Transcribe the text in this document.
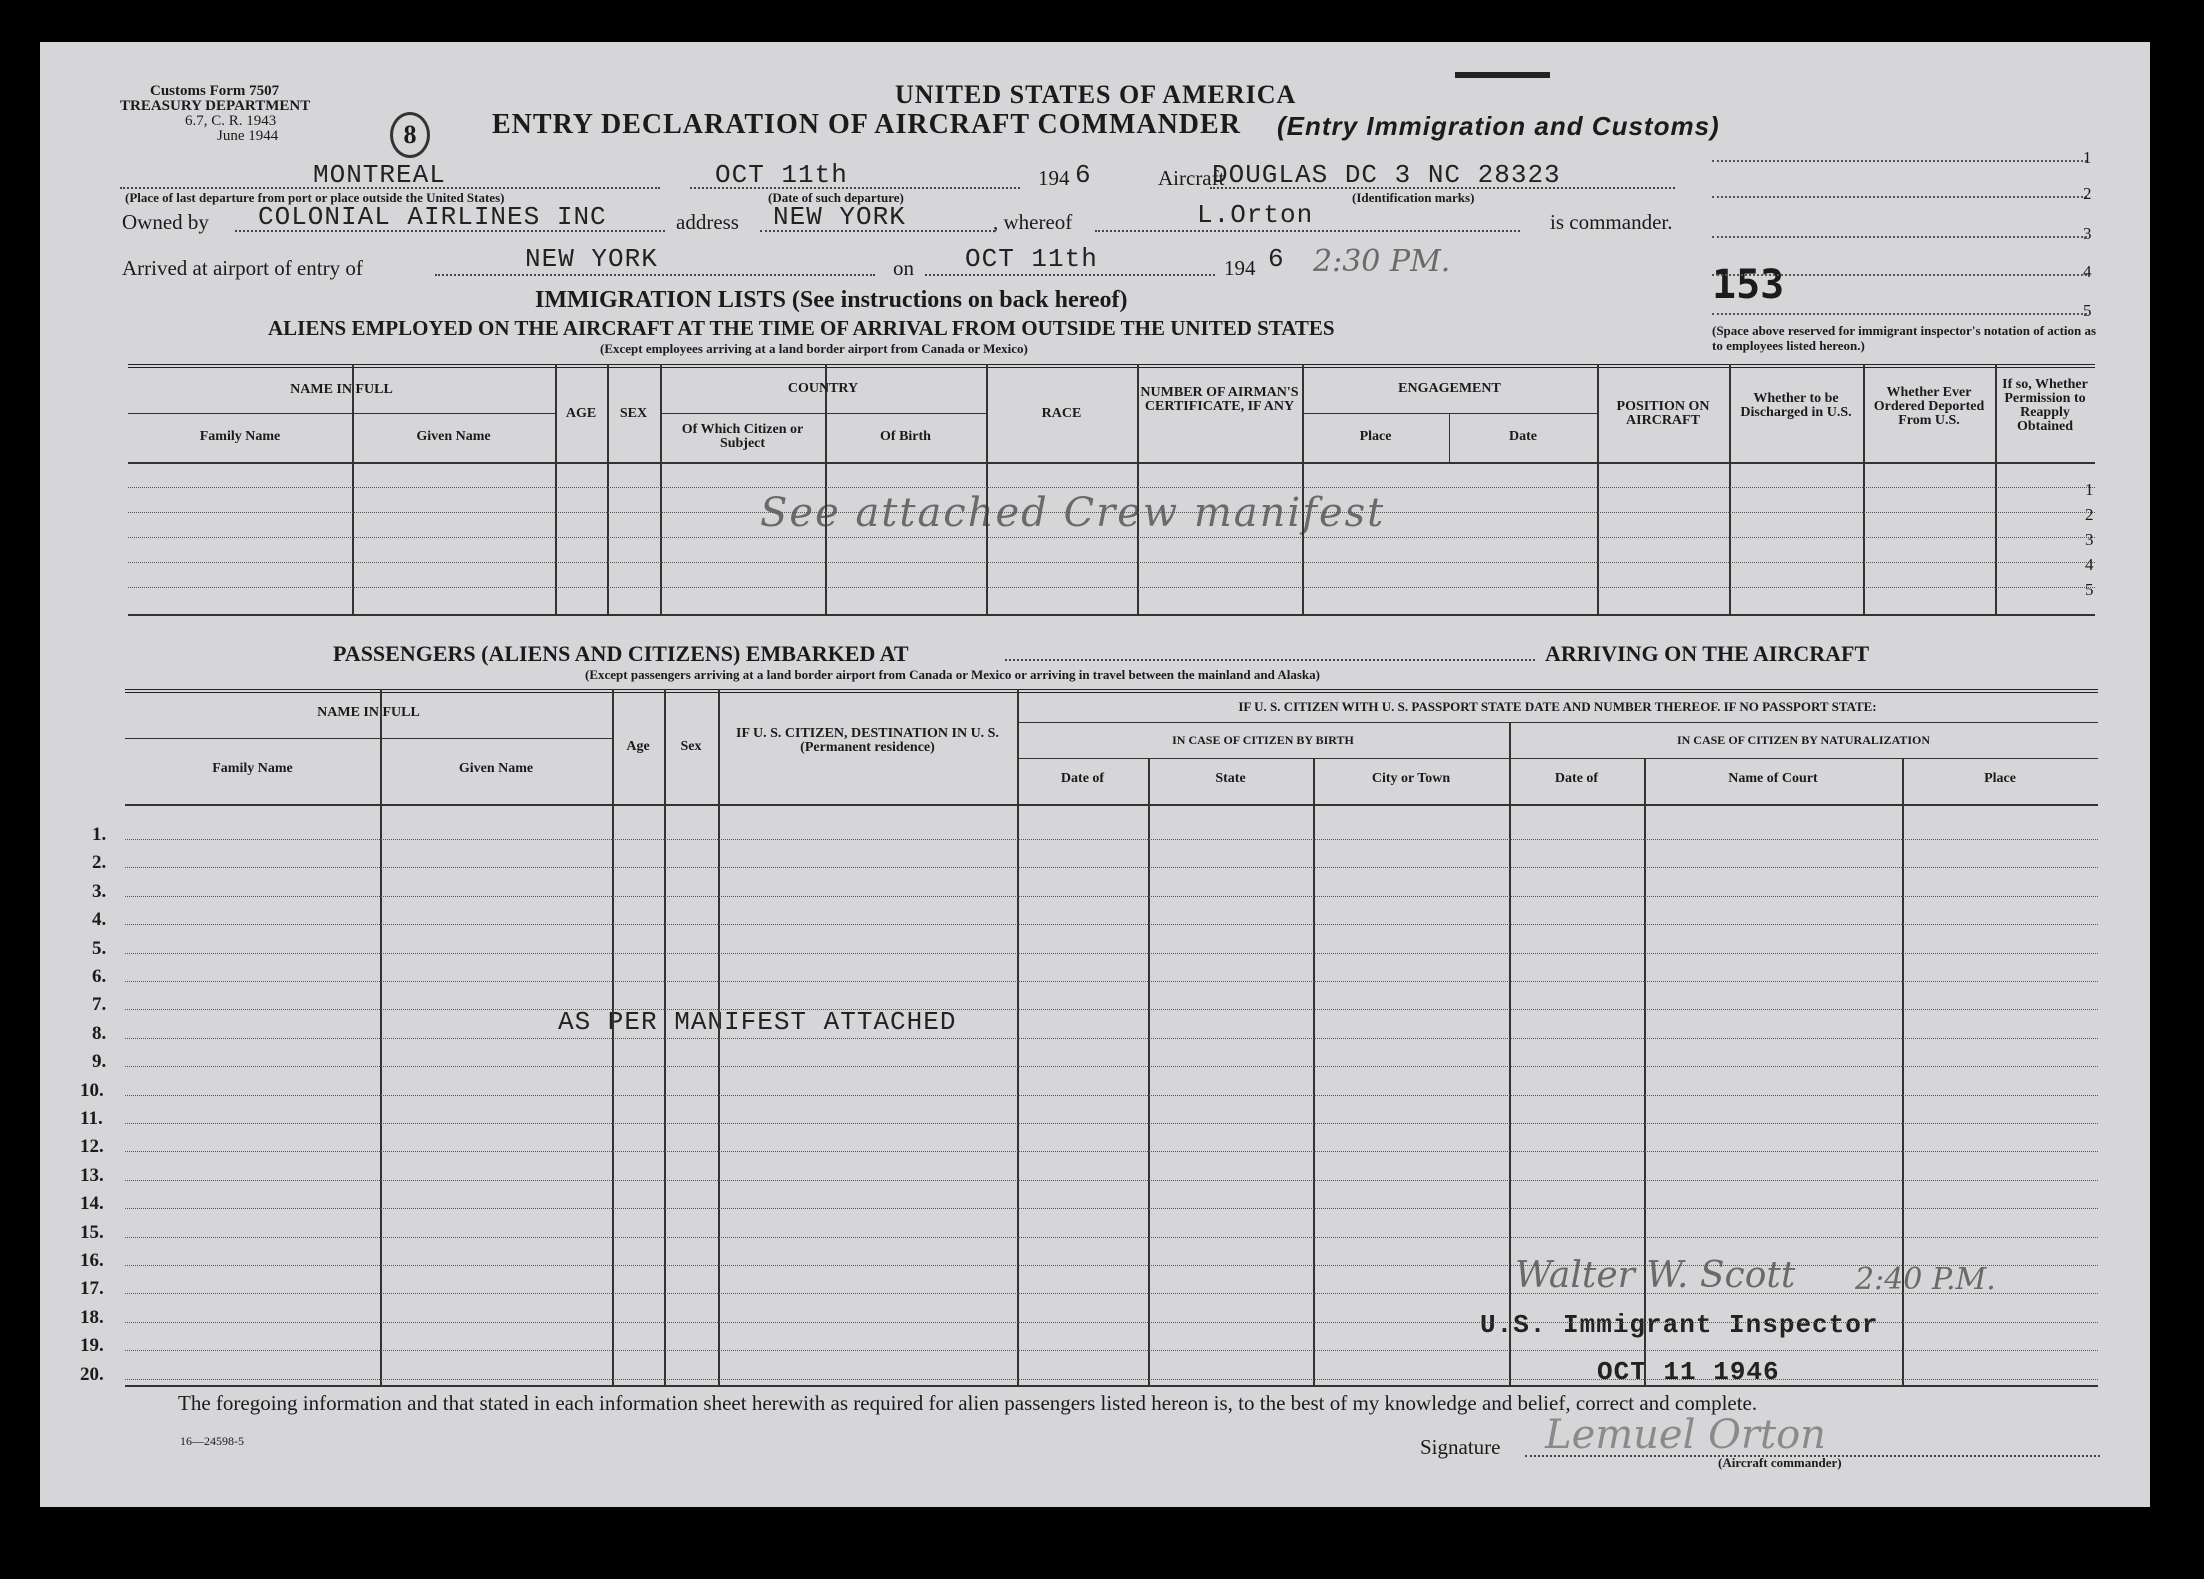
Customs Form 7507
TREASURY DEPARTMENT
6.7, C. R. 1943
June 1944	8
UNITED STATES OF AMERICA
ENTRY DECLARATION OF AIRCRAFT COMMANDER (Entry Immigration and Customs)
MONTREAL
(Place of last departure from port or place outside the United States)
OCT 11th
(Date of such departure)
194 6	Aircraft
DOUGLAS DC 3 NC 28323
(Identification marks)
Owned by COLONIAL AIRLINES INC	address NEW YORK	, whereof	L.Orton	is commander.
Arrived at airport of entry of	NEW YORK	on OCT 11th	194 6 2:30 PM.
153
(Space above reserved for immigrant inspector's notation of action as to employees listed hereon.)
IMMIGRATION LISTS (See instructions on back hereof)
ALIENS EMPLOYED ON THE AIRCRAFT AT THE TIME OF ARRIVAL FROM OUTSIDE THE UNITED STATES
(Except employees arriving at a land border airport from Canada or Mexico)
PASSENGERS (ALIENS AND CITIZENS) EMBARKED AT	ARRIVING ON THE AIRCRAFT
(Except passengers arriving at a land border airport from Canada or Mexico or arriving in travel between the mainland and Alaska)
AS PER MANIFEST ATTACHED
See attached Crew manifest
Walter W. Scott 2:40 P.M.
U.S. Immigrant Inspector
OCT 11 1946
The foregoing information and that stated in each information sheet herewith as required for alien passengers listed hereon is, to the best of my knowledge and belief, correct and complete.
16—24598-5	Signature Lemuel Orton
(Aircraft commander)
1
2
3
4
5
1
2
3
4
5
NAME IN FULL
Family Name	Given Name
AGE	SEX
COUNTRY
Of Which Citizen or Subject	Of Birth
RACE
NUMBER OF AIRMAN'S CERTIFICATE, IF ANY
ENGAGEMENT
Place	Date
POSITION ON AIRCRAFT
Whether to be Discharged in U.S.
Whether Ever Ordered Deported From U.S.
If so, Whether Permission to Reapply Obtained
NAME IN FULL
Family Name	Given Name
Age	Sex
IF U. S. CITIZEN, DESTINATION IN U. S. (Permanent residence)
IF U. S. CITIZEN WITH U. S. PASSPORT STATE DATE AND NUMBER THEREOF. IF NO PASSPORT STATE:
IN CASE OF CITIZEN BY BIRTH	IN CASE OF CITIZEN BY NATURALIZATION
Date of	State	City or Town	Date of	Name of Court	Place
1.
2.
3.
4.
5.
6.
7.
8.
9.
10.
11.
12.
13.
14.
15.
16.
17.
18.
19.
20.
